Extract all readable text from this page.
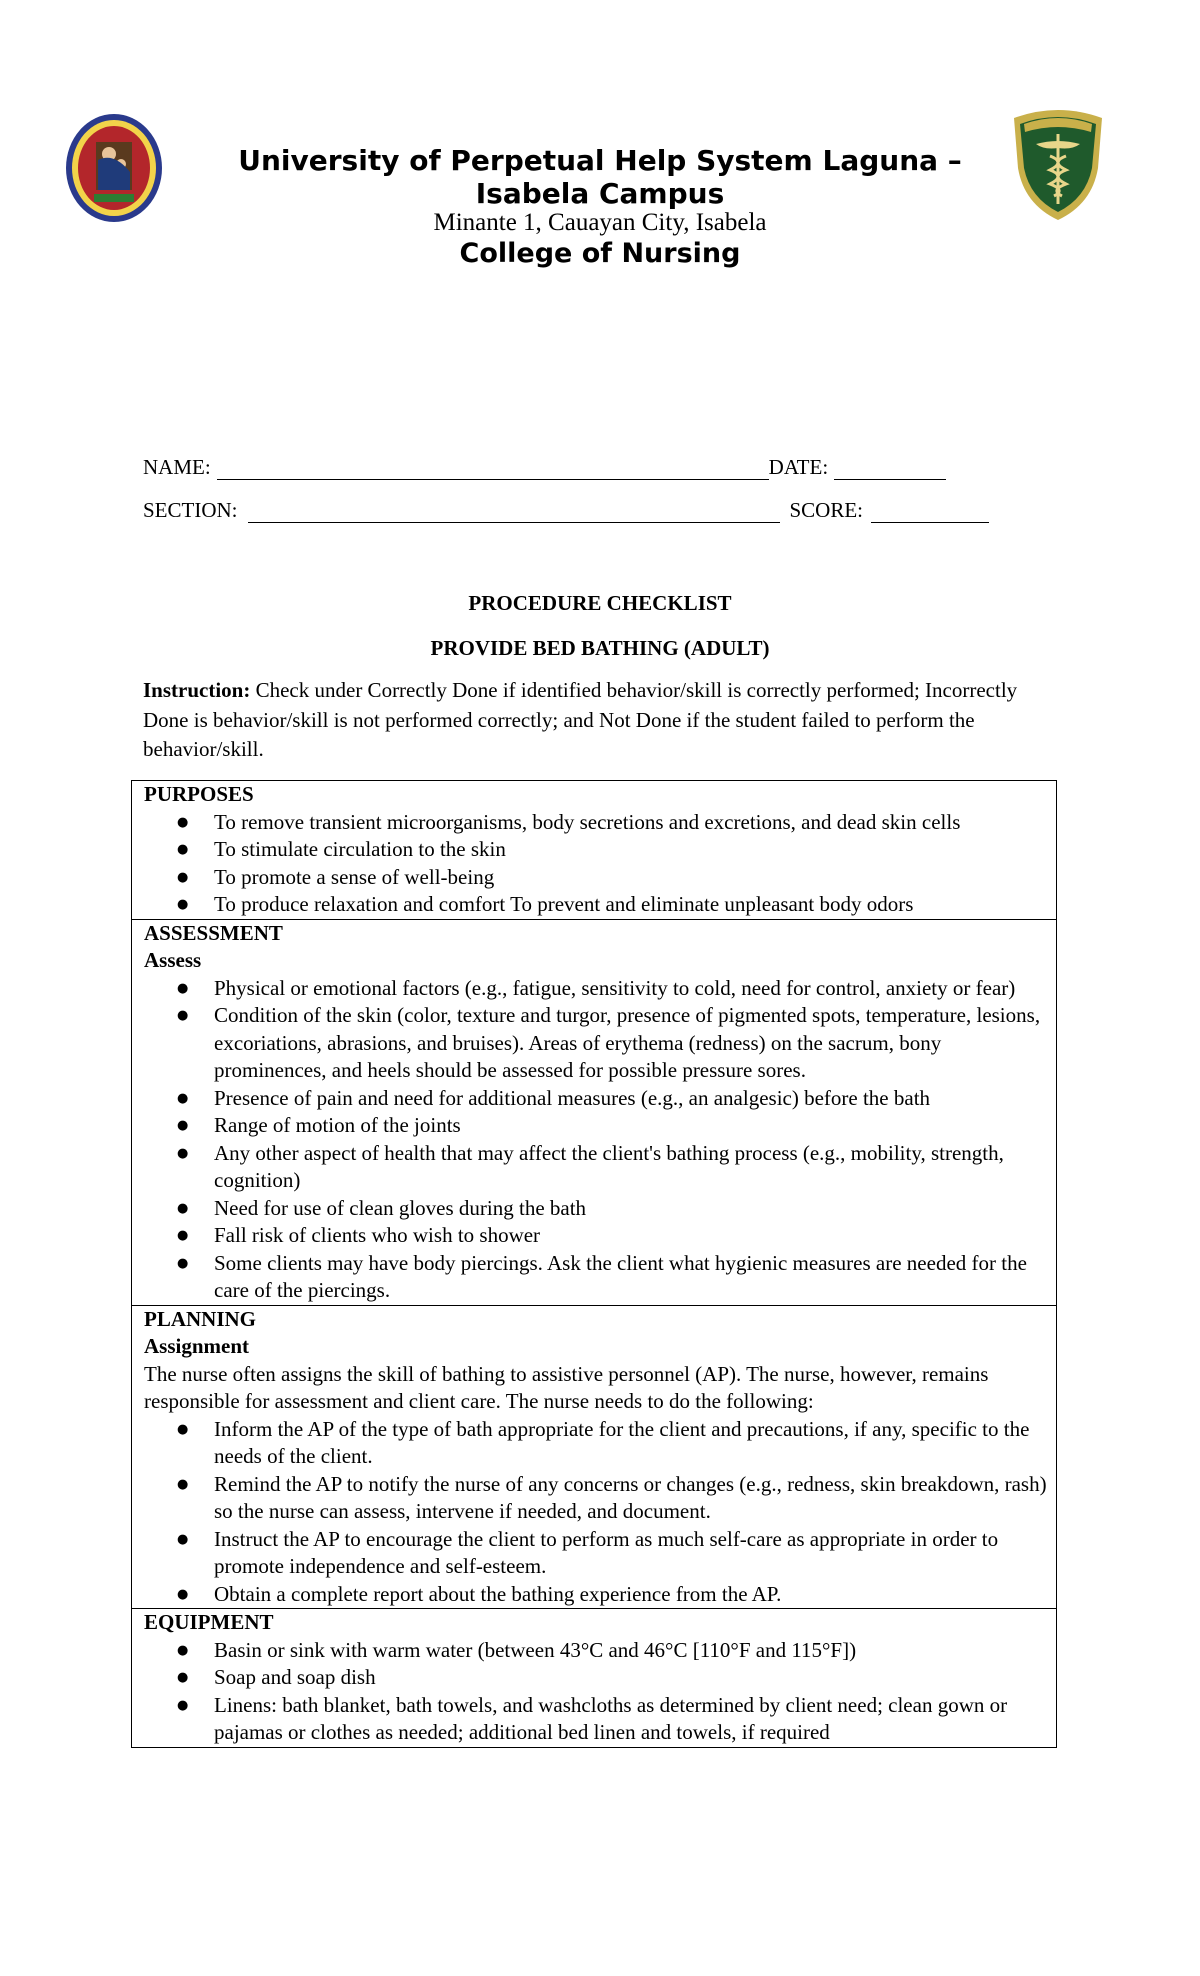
University of Perpetual Help System Laguna –
Isabela Campus
Minante 1, Cauayan City, Isabela
College of Nursing
NAME:	DATE:
SECTION:	SCORE:
PROCEDURE CHECKLIST
PROVIDE BED BATHING (ADULT)
Instruction: Check under Correctly Done if identified behavior/skill is correctly performed; Incorrectly Done is behavior/skill is not performed correctly; and Not Done if the student failed to perform the behavior/skill.
PURPOSES
● To remove transient microorganisms, body secretions and excretions, and dead skin cells
● To stimulate circulation to the skin
● To promote a sense of well-being
● To produce relaxation and comfort To prevent and eliminate unpleasant body odors
ASSESSMENT
Assess
● Physical or emotional factors (e.g., fatigue, sensitivity to cold, need for control, anxiety or fear)
● Condition of the skin (color, texture and turgor, presence of pigmented spots, temperature, lesions, excoriations, abrasions, and bruises). Areas of erythema (redness) on the sacrum, bony prominences, and heels should be assessed for possible pressure sores.
● Presence of pain and need for additional measures (e.g., an analgesic) before the bath
● Range of motion of the joints
● Any other aspect of health that may affect the client's bathing process (e.g., mobility, strength, cognition)
● Need for use of clean gloves during the bath
● Fall risk of clients who wish to shower
● Some clients may have body piercings. Ask the client what hygienic measures are needed for the care of the piercings.
PLANNING
Assignment
The nurse often assigns the skill of bathing to assistive personnel (AP). The nurse, however, remains responsible for assessment and client care. The nurse needs to do the following:
● Inform the AP of the type of bath appropriate for the client and precautions, if any, specific to the needs of the client.
● Remind the AP to notify the nurse of any concerns or changes (e.g., redness, skin breakdown, rash) so the nurse can assess, intervene if needed, and document.
● Instruct the AP to encourage the client to perform as much self-care as appropriate in order to promote independence and self-esteem.
● Obtain a complete report about the bathing experience from the AP.
EQUIPMENT
● Basin or sink with warm water (between 43°C and 46°C [110°F and 115°F])
● Soap and soap dish
● Linens: bath blanket, bath towels, and washcloths as determined by client need; clean gown or pajamas or clothes as needed; additional bed linen and towels, if required
